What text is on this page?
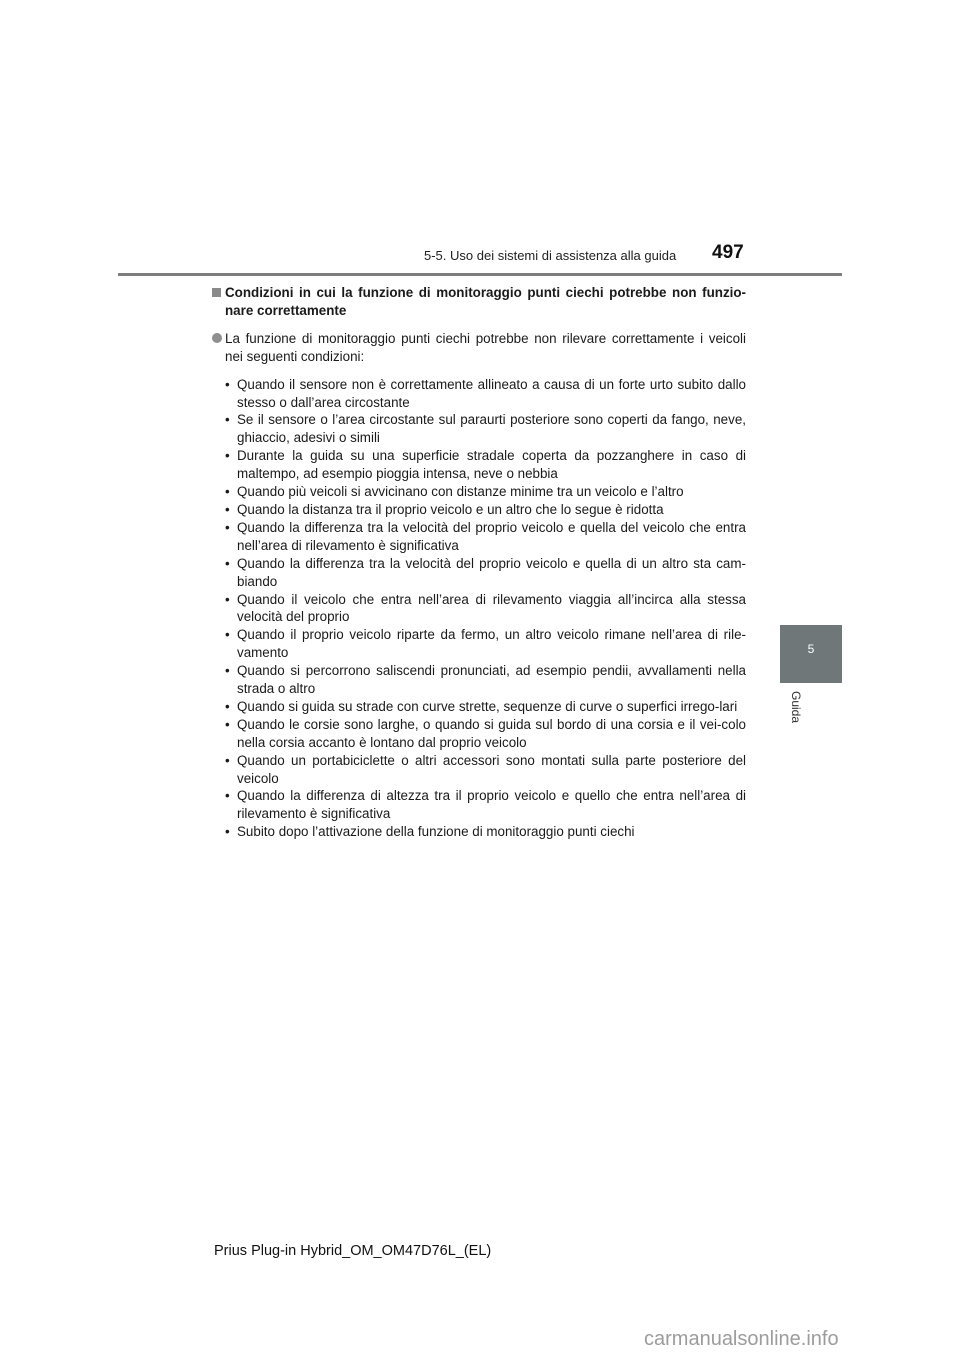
5-5. Uso dei sistemi di assistenza alla guida 497
5
Guida
Condizioni in cui la funzione di monitoraggio punti ciechi potrebbe non funzio-nare correttamente
La funzione di monitoraggio punti ciechi potrebbe non rilevare correttamente i veicoli nei seguenti condizioni:
• Quando il sensore non è correttamente allineato a causa di un forte urto subito dallo stesso o dall’area circostante
• Se il sensore o l’area circostante sul paraurti posteriore sono coperti da fango, neve, ghiaccio, adesivi o simili
• Durante la guida su una superficie stradale coperta da pozzanghere in caso di maltempo, ad esempio pioggia intensa, neve o nebbia
• Quando più veicoli si avvicinano con distanze minime tra un veicolo e l’altro
• Quando la distanza tra il proprio veicolo e un altro che lo segue è ridotta
• Quando la differenza tra la velocità del proprio veicolo e quella del veicolo che entra nell’area di rilevamento è significativa
• Quando la differenza tra la velocità del proprio veicolo e quella di un altro sta cam-biando
• Quando il veicolo che entra nell’area di rilevamento viaggia all’incirca alla stessa velocità del proprio
• Quando il proprio veicolo riparte da fermo, un altro veicolo rimane nell’area di rile-vamento
• Quando si percorrono saliscendi pronunciati, ad esempio pendii, avvallamenti nella strada o altro
• Quando si guida su strade con curve strette, sequenze di curve o superfici irrego-lari
• Quando le corsie sono larghe, o quando si guida sul bordo di una corsia e il vei-colo nella corsia accanto è lontano dal proprio veicolo
• Quando un portabiciclette o altri accessori sono montati sulla parte posteriore del veicolo
• Quando la differenza di altezza tra il proprio veicolo e quello che entra nell’area di rilevamento è significativa
• Subito dopo l’attivazione della funzione di monitoraggio punti ciechi
Prius Plug-in Hybrid_OM_OM47D76L_(EL)
carmanualsonline.info
